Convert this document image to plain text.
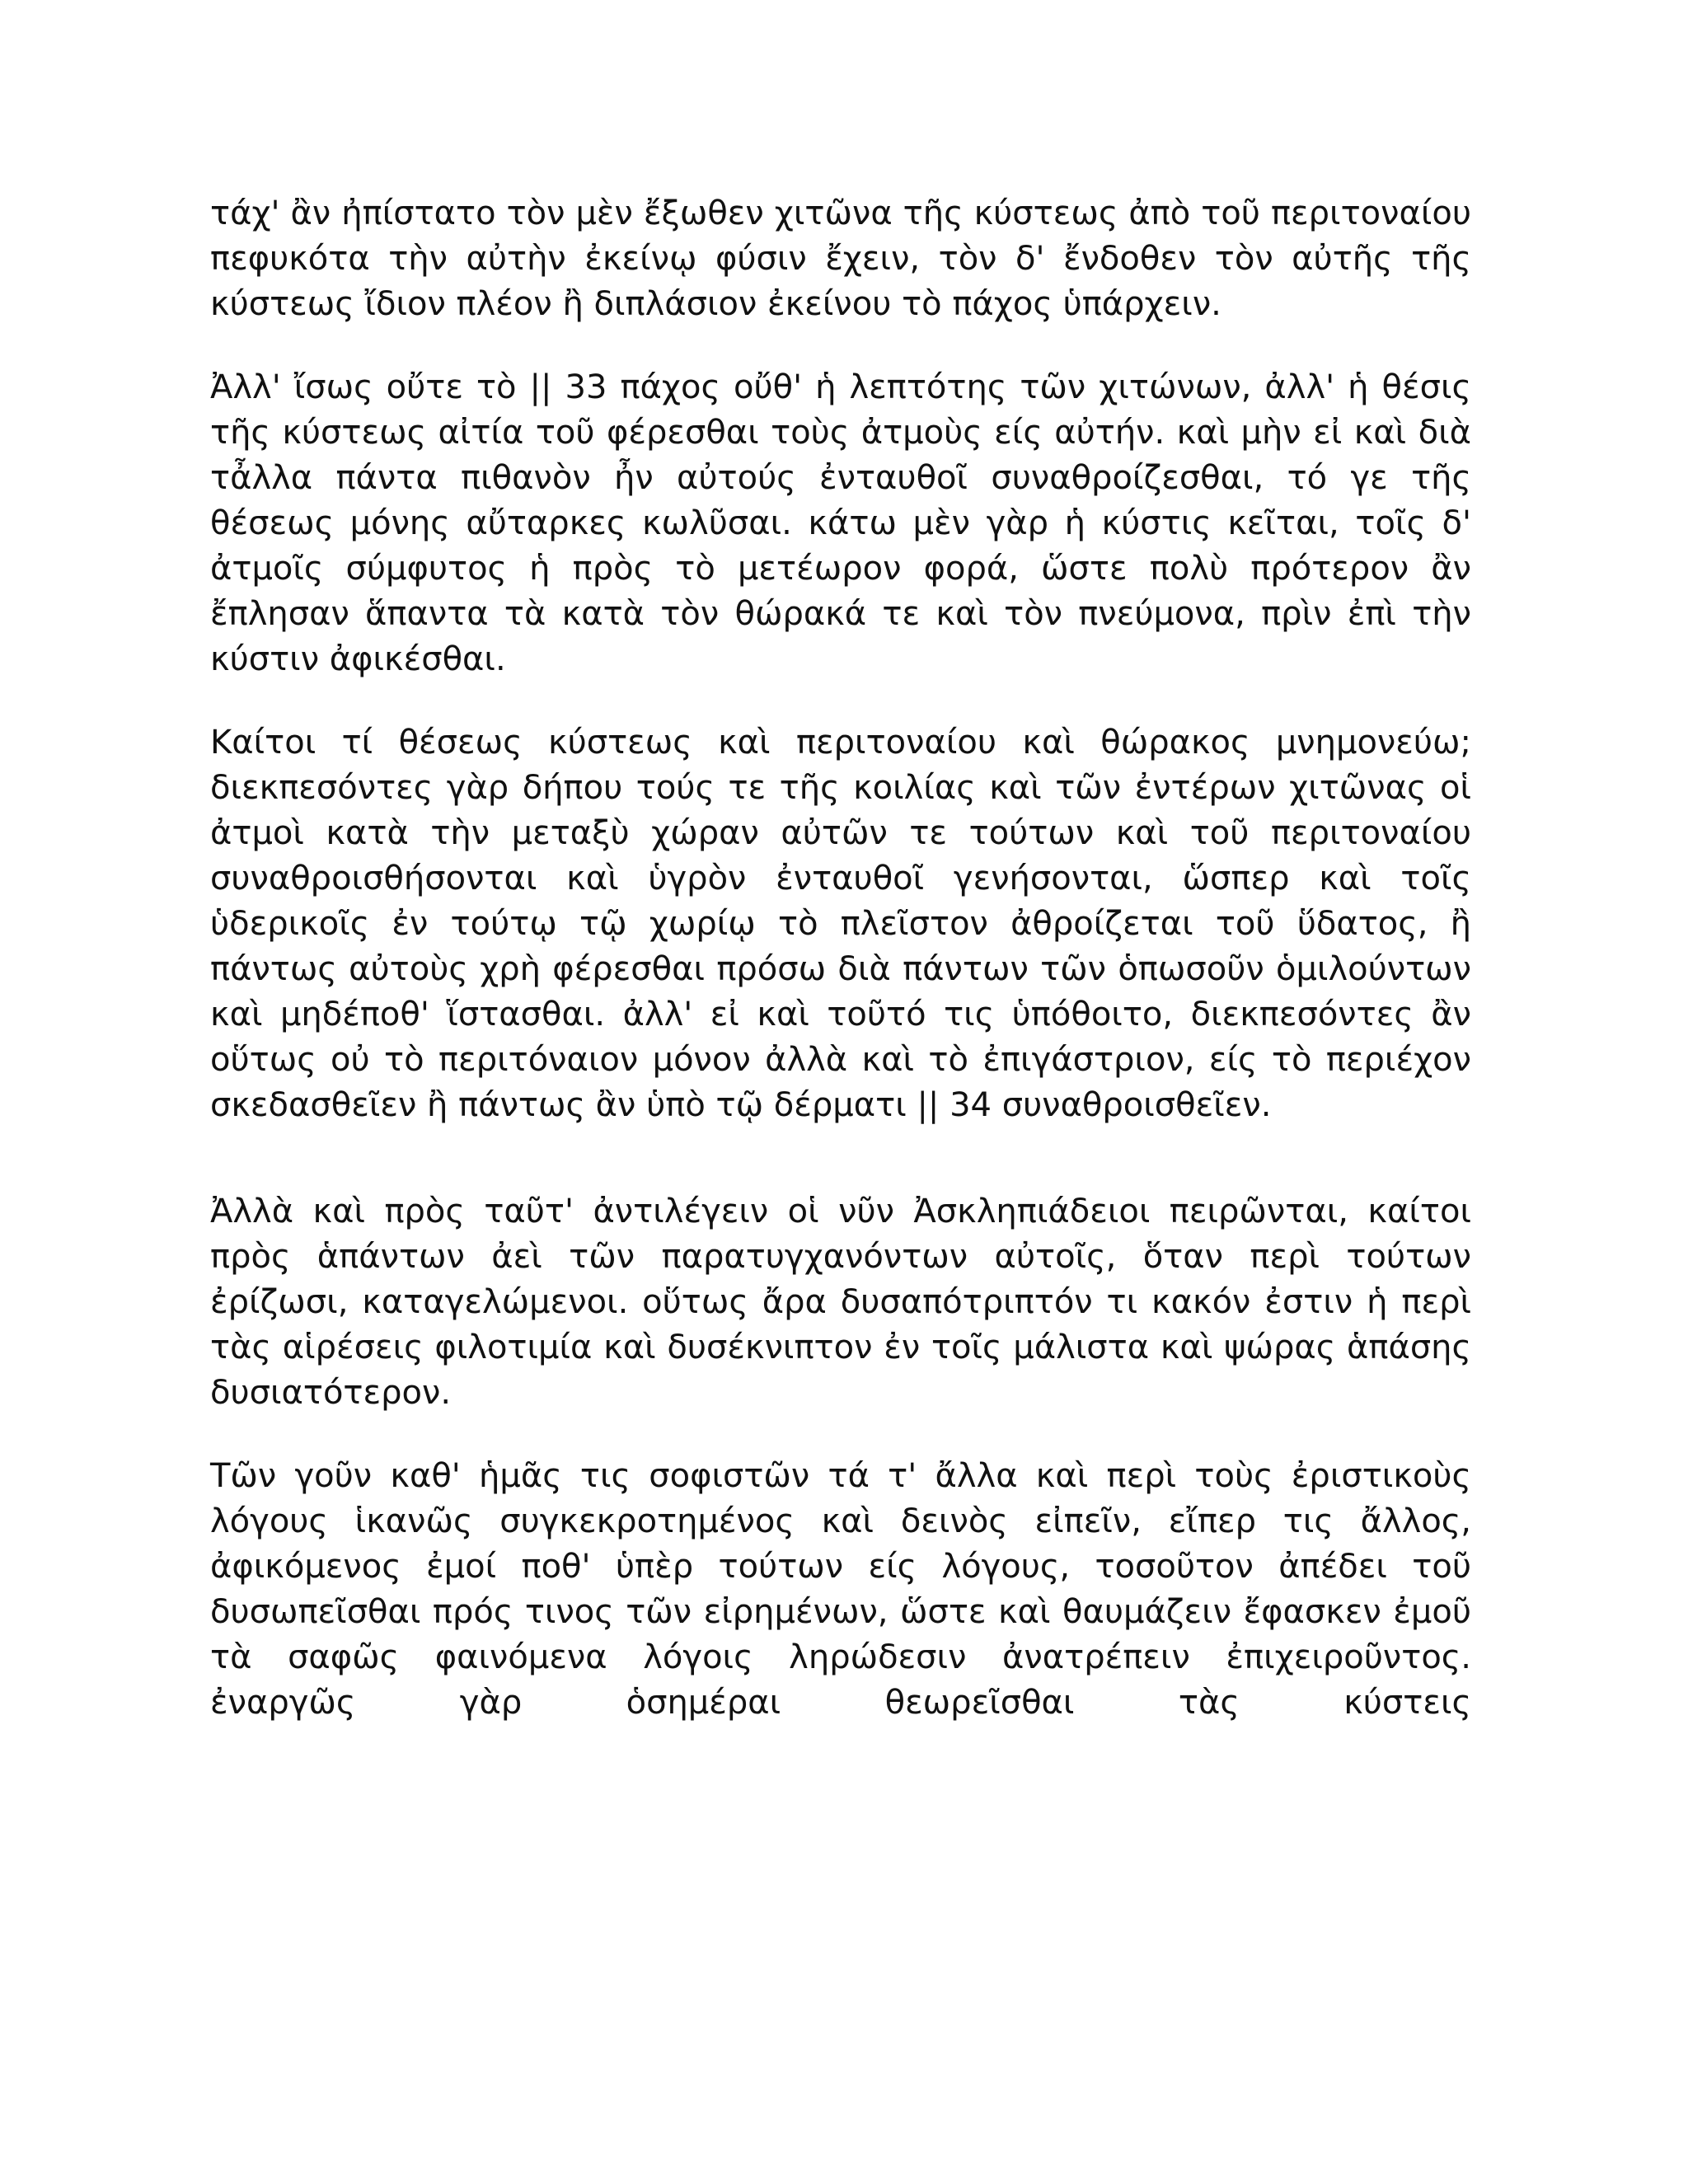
τάχ' ἂν ἠπίστατο τὸν μὲν ἔξωθεν χιτῶνα τῆς κύστεως ἀπὸ τοῦ περιτοναίου πεφυκότα τὴν αὐτὴν ἐκείνῳ φύσιν ἔχειν, τὸν δ' ἔνδοθεν τὸν αὐτῆς τῆς κύστεως ἴδιον πλέον ἢ διπλάσιον ἐκείνου τὸ πάχος ὑπάρχειν.

Ἀλλ' ἴσως οὔτε τὸ || 33 πάχος οὔθ' ἡ λεπτότης τῶν χιτώνων, ἀλλ' ἡ θέσις τῆς κύστεως αἰτία τοῦ φέρεσθαι τοὺς ἀτμοὺς είς αὐτήν. καὶ μὴν εἰ καὶ διὰ τἆλλα πάντα πιθανὸν ἦν αὐτούς ἐνταυθοῖ συναθροίζεσθαι, τό γε τῆς θέσεως μόνης αὔταρκες κωλῦσαι. κάτω μὲν γὰρ ἡ κύστις κεῖται, τοῖς δ' ἀτμοῖς σύμφυτος ἡ πρὸς τὸ μετέωρον φορά, ὥστε πολὺ πρότερον ἂν ἔπλησαν ἅπαντα τὰ κατὰ τὸν θώρακά τε καὶ τὸν πνεύμονα, πρὶν ἐπὶ τὴν κύστιν ἀφικέσθαι.

Καίτοι τί θέσεως κύστεως καὶ περιτοναίου καὶ θώρακος μνημονεύω; διεκπεσόντες γὰρ δήπου τούς τε τῆς κοιλίας καὶ τῶν ἐντέρων χιτῶνας οἱ ἀτμοὶ κατὰ τὴν μεταξὺ χώραν αὐτῶν τε τούτων καὶ τοῦ περιτοναίου συναθροισθήσονται καὶ ὑγρὸν ἐνταυθοῖ γενήσονται, ὥσπερ καὶ τοῖς ὑδερικοῖς ἐν τούτῳ τῷ χωρίῳ τὸ πλεῖστον ἀθροίζεται τοῦ ὕδατος, ἢ πάντως αὐτοὺς χρὴ φέρεσθαι πρόσω διὰ πάντων τῶν ὁπωσοῦν ὁμιλούντων καὶ μηδέποθ' ἵστασθαι. ἀλλ' εἰ καὶ τοῦτό τις ὑπόθοιτο, διεκπεσόντες ἂν οὕτως οὐ τὸ περιτόναιον μόνον ἀλλὰ καὶ τὸ ἐπιγάστριον, είς τὸ περιέχον σκεδασθεῖεν ἢ πάντως ἂν ὑπὸ τῷ δέρματι || 34 συναθροισθεῖεν.

Ἀλλὰ καὶ πρὸς ταῦτ' ἀντιλέγειν οἱ νῦν Ἀσκληπιάδειοι πειρῶνται, καίτοι πρὸς ἁπάντων ἀεὶ τῶν παρατυγχανόντων αὐτοῖς, ὅταν περὶ τούτων ἐρίζωσι, καταγελώμενοι. οὕτως ἄρα δυσαπότριπτόν τι κακόν ἐστιν ἡ περὶ τὰς αἱρέσεις φιλοτιμία καὶ δυσέκνιπτον ἐν τοῖς μάλιστα καὶ ψώρας ἁπάσης δυσιατότερον.

Τῶν γοῦν καθ' ἡμᾶς τις σοφιστῶν τά τ' ἄλλα καὶ περὶ τοὺς ἐριστικοὺς λόγους ἱκανῶς συγκεκροτημένος καὶ δεινὸς εἰπεῖν, εἴπερ τις ἄλλος, ἀφικόμενος ἐμοί ποθ' ὑπὲρ τούτων είς λόγους, τοσοῦτον ἀπέδει τοῦ δυσωπεῖσθαι πρός τινος τῶν εἰρημένων, ὥστε καὶ θαυμάζειν ἔφασκεν ἐμοῦ τὰ σαφῶς φαινόμενα λόγοις ληρώδεσιν ἀνατρέπειν ἐπιχειροῦντος. ἐναργῶς γὰρ ὁσημέραι θεωρεῖσθαι τὰς κύστεις
